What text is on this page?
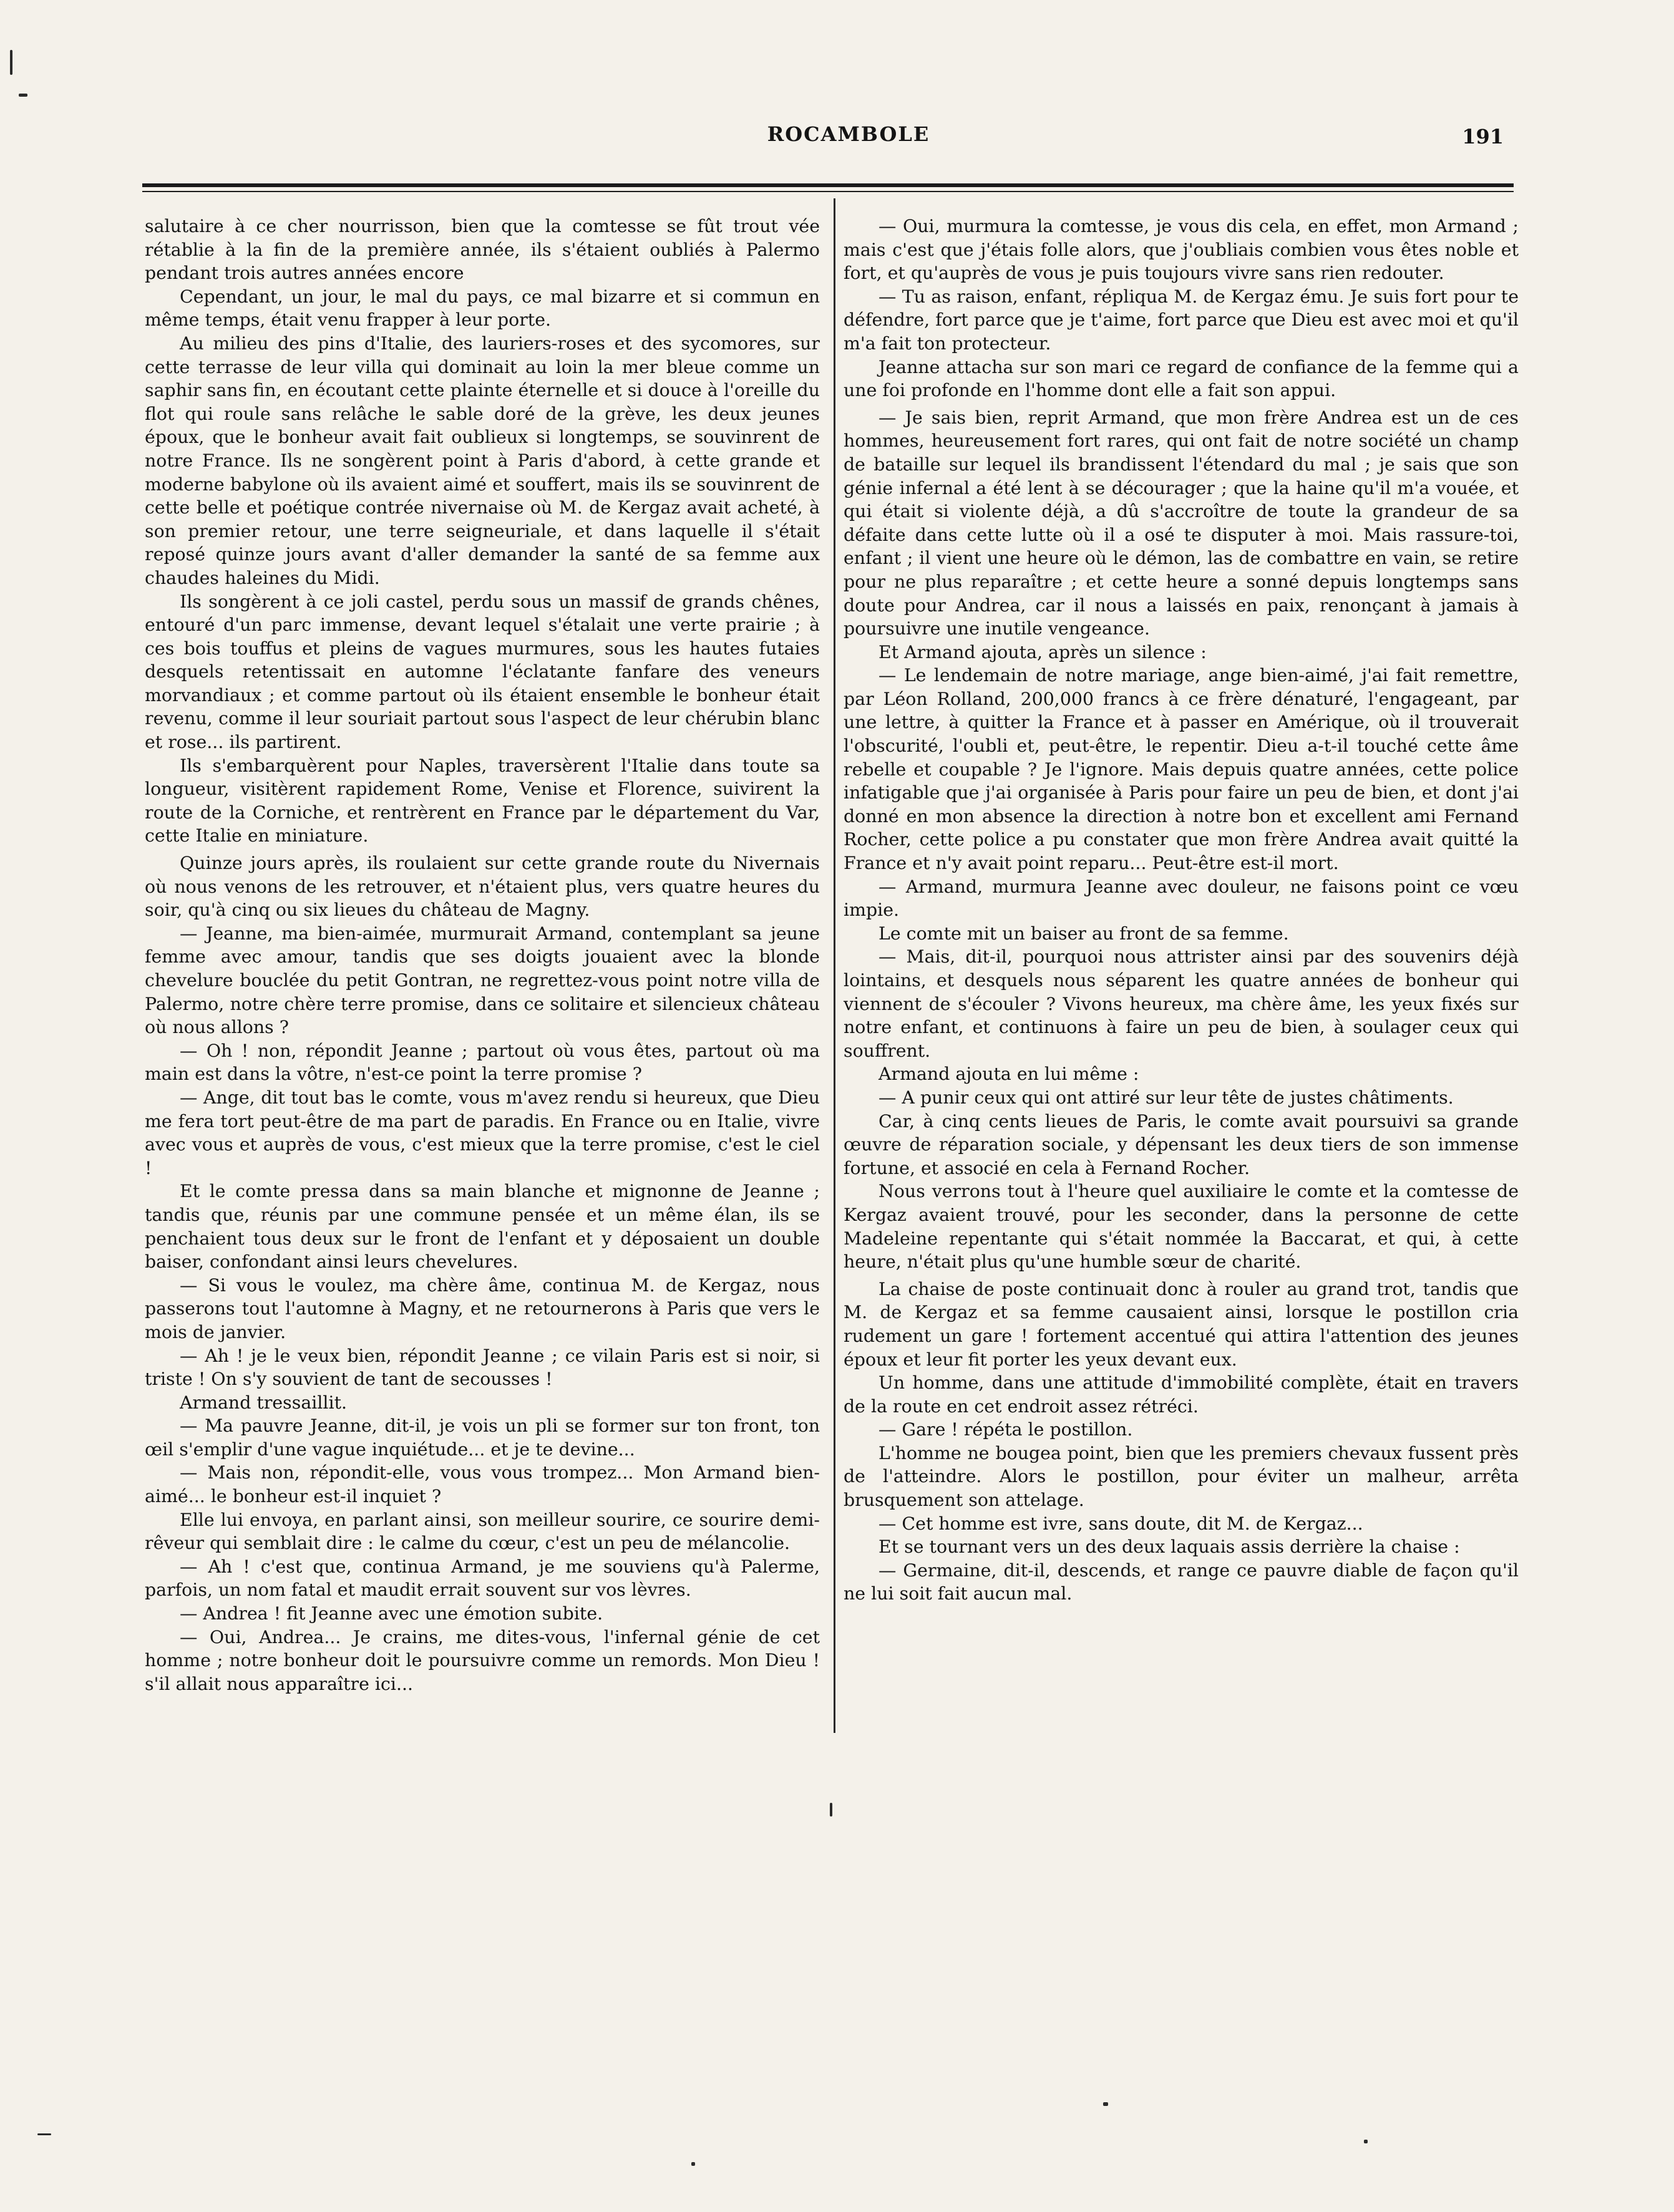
ROCAMBOLE	191

salutaire à ce cher nourrisson, bien que la comtesse se fût trout vée rétablie à la fin de la première année, ils s'étaient oubliés à Palermo pendant trois autres années encore

Cependant, un jour, le mal du pays, ce mal bizarre et si commun en même temps, était venu frapper à leur porte.

Au milieu des pins d'Italie, des lauriers-roses et des sycomores, sur cette terrasse de leur villa qui dominait au loin la mer bleue comme un saphir sans fin, en écoutant cette plainte éternelle et si douce à l'oreille du flot qui roule sans relâche le sable doré de la grève, les deux jeunes époux, que le bonheur avait fait oublieux si longtemps, se souvinrent de notre France. Ils ne songèrent point à Paris d'abord, à cette grande et moderne babylone où ils avaient aimé et souffert, mais ils se souvinrent de cette belle et poétique contrée nivernaise où M. de Kergaz avait acheté, à son premier retour, une terre seigneuriale, et dans laquelle il s'était reposé quinze jours avant d'aller demander la santé de sa femme aux chaudes haleines du Midi.

Ils songèrent à ce joli castel, perdu sous un massif de grands chênes, entouré d'un parc immense, devant lequel s'étalait une verte prairie ; à ces bois touffus et pleins de vagues murmures, sous les hautes futaies desquels retentissait en automne l'éclatante fanfare des veneurs morvandiaux ; et comme partout où ils étaient ensemble le bonheur était revenu, comme il leur souriait partout sous l'aspect de leur chérubin blanc et rose... ils partirent.

Ils s'embarquèrent pour Naples, traversèrent l'Italie dans toute sa longueur, visitèrent rapidement Rome, Venise et Florence, suivirent la route de la Corniche, et rentrèrent en France par le département du Var, cette Italie en miniature.

Quinze jours après, ils roulaient sur cette grande route du Nivernais où nous venons de les retrouver, et n'étaient plus, vers quatre heures du soir, qu'à cinq ou six lieues du château de Magny.

— Jeanne, ma bien-aimée, murmurait Armand, contemplant sa jeune femme avec amour, tandis que ses doigts jouaient avec la blonde chevelure bouclée du petit Gontran, ne regrettez-vous point notre villa de Palermo, notre chère terre promise, dans ce solitaire et silencieux château où nous allons ?

— Oh ! non, répondit Jeanne ; partout où vous êtes, partout où ma main est dans la vôtre, n'est-ce point la terre promise ?

— Ange, dit tout bas le comte, vous m'avez rendu si heureux, que Dieu me fera tort peut-être de ma part de paradis. En France ou en Italie, vivre avec vous et auprès de vous, c'est mieux que la terre promise, c'est le ciel !

Et le comte pressa dans sa main blanche et mignonne de Jeanne ; tandis que, réunis par une commune pensée et un même élan, ils se penchaient tous deux sur le front de l'enfant et y déposaient un double baiser, confondant ainsi leurs chevelures.

— Si vous le voulez, ma chère âme, continua M. de Kergaz, nous passerons tout l'automne à Magny, et ne retournerons à Paris que vers le mois de janvier.

— Ah ! je le veux bien, répondit Jeanne ; ce vilain Paris est si noir, si triste ! On s'y souvient de tant de secousses !

Armand tressaillit.

— Ma pauvre Jeanne, dit-il, je vois un pli se former sur ton front, ton œil s'emplir d'une vague inquiétude... et je te devine...

— Mais non, répondit-elle, vous vous trompez... Mon Armand bien-aimé... le bonheur est-il inquiet ?

Elle lui envoya, en parlant ainsi, son meilleur sourire, ce sourire demi-rêveur qui semblait dire : le calme du cœur, c'est un peu de mélancolie.

— Ah ! c'est que, continua Armand, je me souviens qu'à Palerme, parfois, un nom fatal et maudit errait souvent sur vos lèvres.

— Andrea ! fit Jeanne avec une émotion subite.

— Oui, Andrea... Je crains, me dites-vous, l'infernal génie de cet homme ; notre bonheur doit le poursuivre comme un remords. Mon Dieu ! s'il allait nous apparaître ici...

— Oui, murmura la comtesse, je vous dis cela, en effet, mon Armand ; mais c'est que j'étais folle alors, que j'oubliais combien vous êtes noble et fort, et qu'auprès de vous je puis toujours vivre sans rien redouter.

— Tu as raison, enfant, répliqua M. de Kergaz ému. Je suis fort pour te défendre, fort parce que je t'aime, fort parce que Dieu est avec moi et qu'il m'a fait ton protecteur.

Jeanne attacha sur son mari ce regard de confiance de la femme qui a une foi profonde en l'homme dont elle a fait son appui.

— Je sais bien, reprit Armand, que mon frère Andrea est un de ces hommes, heureusement fort rares, qui ont fait de notre société un champ de bataille sur lequel ils brandissent l'étendard du mal ; je sais que son génie infernal a été lent à se décourager ; que la haine qu'il m'a vouée, et qui était si violente déjà, a dû s'accroître de toute la grandeur de sa défaite dans cette lutte où il a osé te disputer à moi. Mais rassure-toi, enfant ; il vient une heure où le démon, las de combattre en vain, se retire pour ne plus reparaître ; et cette heure a sonné depuis longtemps sans doute pour Andrea, car il nous a laissés en paix, renonçant à jamais à poursuivre une inutile vengeance.

Et Armand ajouta, après un silence :

— Le lendemain de notre mariage, ange bien-aimé, j'ai fait remettre, par Léon Rolland, 200,000 francs à ce frère dénaturé, l'engageant, par une lettre, à quitter la France et à passer en Amérique, où il trouverait l'obscurité, l'oubli et, peut-être, le repentir. Dieu a-t-il touché cette âme rebelle et coupable ? Je l'ignore. Mais depuis quatre années, cette police infatigable que j'ai organisée à Paris pour faire un peu de bien, et dont j'ai donné en mon absence la direction à notre bon et excellent ami Fernand Rocher, cette police a pu constater que mon frère Andrea avait quitté la France et n'y avait point reparu... Peut-être est-il mort.

— Armand, murmura Jeanne avec douleur, ne faisons point ce vœu impie.

Le comte mit un baiser au front de sa femme.

— Mais, dit-il, pourquoi nous attrister ainsi par des souvenirs déjà lointains, et desquels nous séparent les quatre années de bonheur qui viennent de s'écouler ? Vivons heureux, ma chère âme, les yeux fixés sur notre enfant, et continuons à faire un peu de bien, à soulager ceux qui souffrent.

Armand ajouta en lui même :

— A punir ceux qui ont attiré sur leur tête de justes châtiments.

Car, à cinq cents lieues de Paris, le comte avait poursuivi sa grande œuvre de réparation sociale, y dépensant les deux tiers de son immense fortune, et associé en cela à Fernand Rocher.

Nous verrons tout à l'heure quel auxiliaire le comte et la comtesse de Kergaz avaient trouvé, pour les seconder, dans la personne de cette Madeleine repentante qui s'était nommée la Baccarat, et qui, à cette heure, n'était plus qu'une humble sœur de charité.

La chaise de poste continuait donc à rouler au grand trot, tandis que M. de Kergaz et sa femme causaient ainsi, lorsque le postillon cria rudement un gare ! fortement accentué qui attira l'attention des jeunes époux et leur fit porter les yeux devant eux.

Un homme, dans une attitude d'immobilité complète, était en travers de la route en cet endroit assez rétréci.

— Gare ! répéta le postillon.

L'homme ne bougea point, bien que les premiers chevaux fussent près de l'atteindre. Alors le postillon, pour éviter un malheur, arrêta brusquement son attelage.

— Cet homme est ivre, sans doute, dit M. de Kergaz...

Et se tournant vers un des deux laquais assis derrière la chaise :

— Germaine, dit-il, descends, et range ce pauvre diable de façon qu'il ne lui soit fait aucun mal.
